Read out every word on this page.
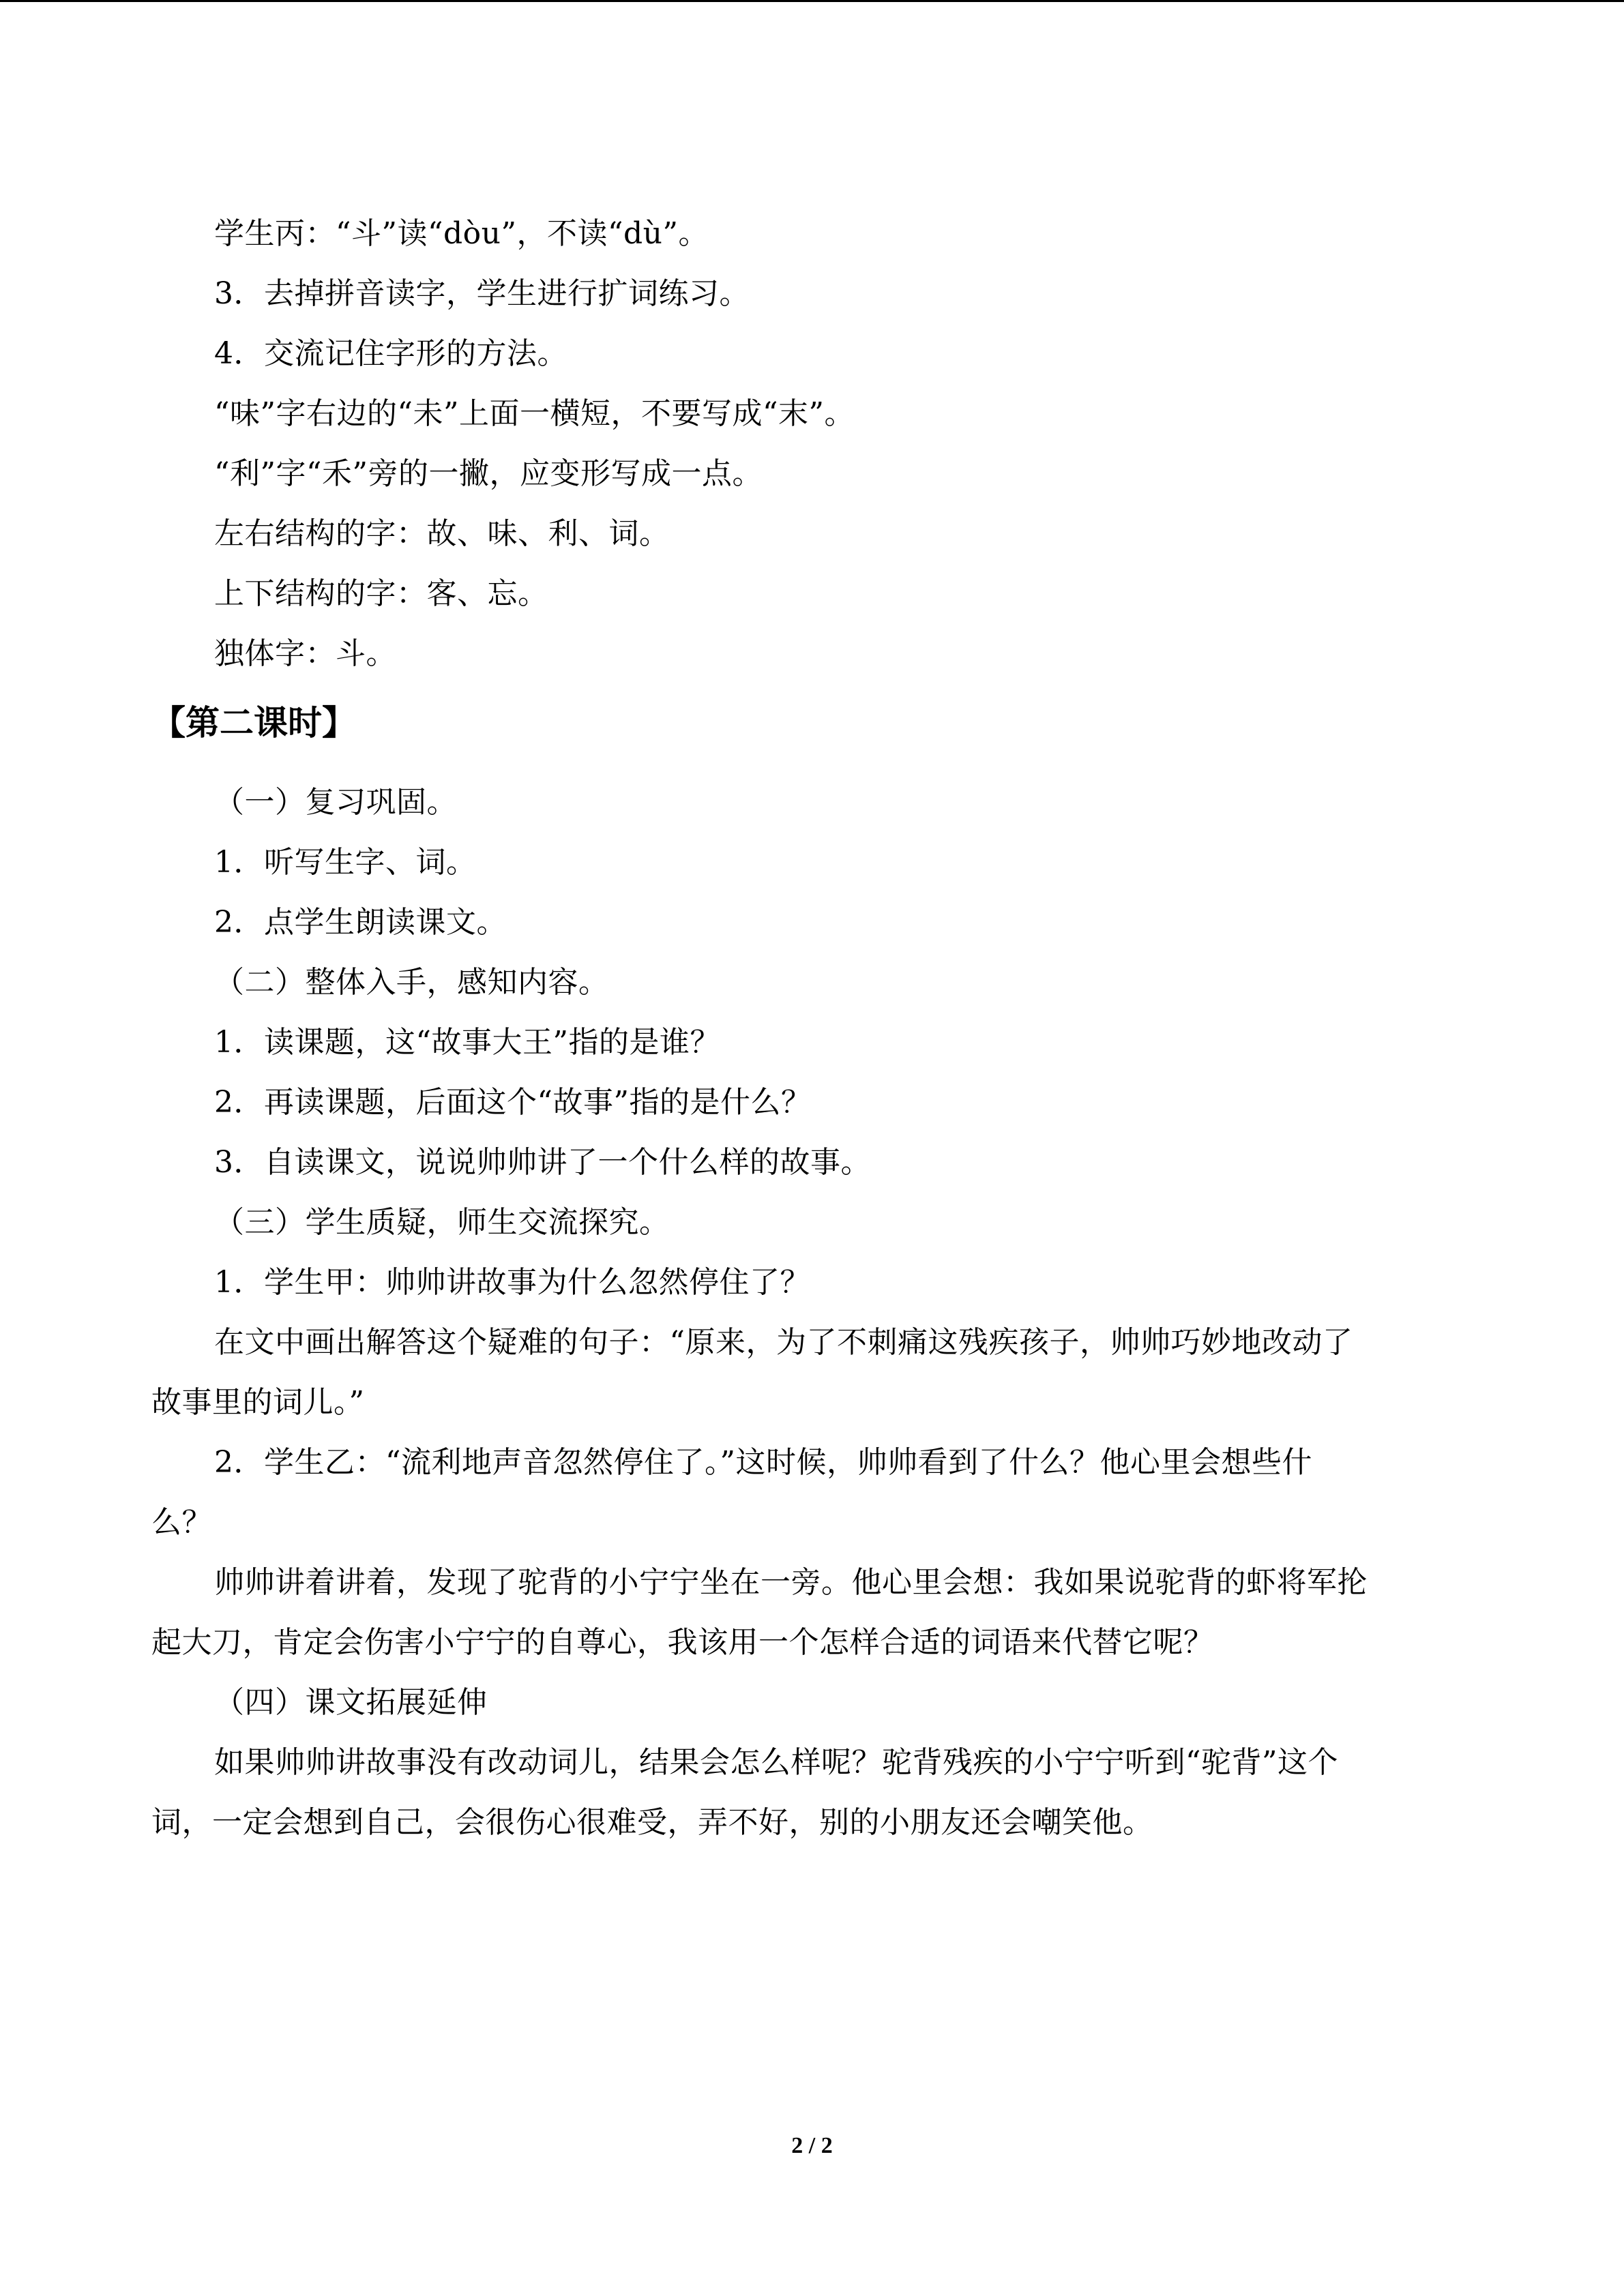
学生丙：“斗”读“dòu”，不读“dù”。
3．去掉拼音读字，学生进行扩词练习。
4．交流记住字形的方法。
“味”字右边的“未”上面一横短，不要写成“末”。
“利”字“禾”旁的一撇，应变形写成一点。
左右结构的字：故、味、利、词。
上下结构的字：客、忘。
独体字：斗。
【第二课时】
（一）复习巩固。
1．听写生字、词。
2．点学生朗读课文。
（二）整体入手，感知内容。
1．读课题，这“故事大王”指的是谁？
2．再读课题，后面这个“故事”指的是什么？
3．自读课文，说说帅帅讲了一个什么样的故事。
（三）学生质疑，师生交流探究。
1．学生甲：帅帅讲故事为什么忽然停住了？
在文中画出解答这个疑难的句子：“原来，为了不刺痛这残疾孩子，帅帅巧妙地改动了
故事里的词儿。”
2．学生乙：“流利地声音忽然停住了。”这时候，帅帅看到了什么？他心里会想些什
么？
帅帅讲着讲着，发现了驼背的小宁宁坐在一旁。他心里会想：我如果说驼背的虾将军抡
起大刀，肯定会伤害小宁宁的自尊心，我该用一个怎样合适的词语来代替它呢？
（四）课文拓展延伸
如果帅帅讲故事没有改动词儿，结果会怎么样呢？驼背残疾的小宁宁听到“驼背”这个
词，一定会想到自己，会很伤心很难受，弄不好，别的小朋友还会嘲笑他。
2 / 2
